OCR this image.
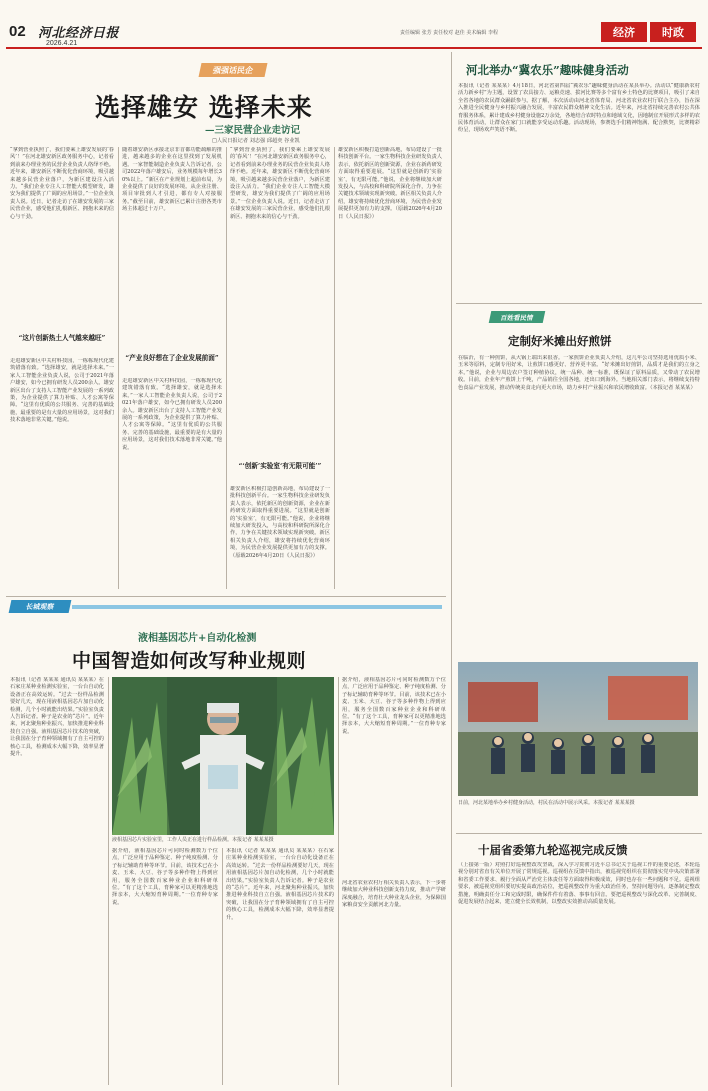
02 河北经济日报
2026.4.21
责任编辑 张芳 责任校对 赵佳 美术编辑 李程	经济 时政
强强话民企
选择雄安 选择未来
—三家民营企业走访记
□人民日报记者 刘志强 邱超奕 谷业凯
“拿到营业执照了，我们要乘上雄安发展的‘春风’！”在河北雄安新区政务服务中心，记者看到前来办理业务的民营企业负责人络绎不绝。近年来，雄安新区不断优化营商环境，吸引越来越多民营企业落户，为新区建设注入活力。“我们企业专注人工智能大模型研发，雄安为我们提供了广阔的应用场景。”一位企业负责人说。近日，记者走访了在雄安发展的三家民营企业，感受他们扎根新区、拥抱未来的信心与干劲。
“这片创新热土人气越来越旺”
走进雄安新区中关村科技园，一栋栋现代化建筑错落有致。“选择雄安，就是选择未来。”一家人工智能企业负责人说，公司于2021年落户雄安，如今已拥有研发人员200余人。雄安新区出台了支持人工智能产业发展的一系列政策，为企业提供了算力补贴、人才公寓等保障。“这里有优质的公共服务、完善的基础设施，最重要的是有大量的应用场景，这对我们技术落地非常关键。”他说。
随着雄安新区承接北京非首都功能疏解的推进，越来越多的企业在这里找到了发展机遇。一家智能制造企业负责人告诉记者，公司2022年落户雄安后，业务规模每年增长30%以上。“新区在产业规划上超前布局，为企业提供了良好的发展环境。从企业注册、项目审批到人才引进，都有专人对接服务。”截至目前，雄安新区已累计注册各类市场主体超过十万户。
“产业良好想在了企业发展前面”
走进雄安新区中关村科技园，一栋栋现代化建筑错落有致。“选择雄安，就是选择未来。”一家人工智能企业负责人说，公司于2021年落户雄安，如今已拥有研发人员200余人。雄安新区出台了支持人工智能产业发展的一系列政策，为企业提供了算力补贴、人才公寓等保障。“这里有优质的公共服务、完善的基础设施，最重要的是有大量的应用场景，这对我们技术落地非常关键。”他说。
“拿到营业执照了，我们要乘上雄安发展的‘春风’！”在河北雄安新区政务服务中心，记者看到前来办理业务的民营企业负责人络绎不绝。近年来，雄安新区不断优化营商环境，吸引越来越多民营企业落户，为新区建设注入活力。“我们企业专注人工智能大模型研发，雄安为我们提供了广阔的应用场景。”一位企业负责人说。近日，记者走访了在雄安发展的三家民营企业，感受他们扎根新区、拥抱未来的信心与干劲。
“‘创新’实验室‘有无限可能’”
雄安新区积极打造创新高地，布局建设了一批科技创新平台。一家生物科技企业研发负责人表示，依托新区的创新资源，企业在新药研发方面取得重要进展。“这里就是创新的‘实验室’，有无限可能。”他说，企业将继续加大研发投入，与高校和科研院所深化合作，力争在关键技术领域实现新突破。新区相关负责人介绍，雄安将持续优化营商环境，为民营企业发展提供更加有力的支撑。（原载2026年4月20日《人民日报》）
雄安新区积极打造创新高地，布局建设了一批科技创新平台。一家生物科技企业研发负责人表示，依托新区的创新资源，企业在新药研发方面取得重要进展。“这里就是创新的‘实验室’，有无限可能。”他说，企业将继续加大研发投入，与高校和科研院所深化合作，力争在关键技术领域实现新突破。新区相关负责人介绍，雄安将持续优化营商环境，为民营企业发展提供更加有力的支撑。（原载2026年4月20日《人民日报》）
河北举办“冀农乐”趣味健身活动
本报讯（记者 某某某）4月18日，河北省第四届“冀农乐”趣味健身活动在某县举办。活动以“健康新农村 活力新乡村”为主题，设置了农具接力、运粮竞速、拔河比赛等多个富有乡土特色的比赛项目，吸引了来自全省各地的农民群众踊跃参与。据了解，本次活动由河北省体育局、河北省农业农村厅联合主办，旨在深入推进全民健身与乡村振兴融合发展，丰富农民群众精神文化生活。近年来，河北省持续完善农村公共体育服务体系，累计建成乡村健身设施2万余处，各地结合农时特点和地域文化，因地制宜开展形式多样的农民体育活动，让群众在家门口就能享受运动乐趣。活动现场，参赛选手们精神饱满、配合默契，比赛精彩纷呈，现场欢声笑语不断。
百姓看民情
定制好米摊出好煎饼
在临沂，有一种煎饼，从大锅上端出来很香。一家煎饼企业负责人介绍，这几年公司坚持选用优质小米、玉米等原料，定制专用好米，让煎饼口感更好、营养更丰富。“好米摊出好煎饼，品质才是我们的立身之本。”他说，企业与周边农户签订种植协议，统一品种、统一标准，既保证了原料品质，又带动了农民增收。目前，企业年产煎饼上千吨，产品销往全国各地，还出口到海外。当地相关部门表示，将继续支持特色食品产业发展，推动传统美食走向更大市场，助力乡村产业振兴和农民增收致富。（本报记者 某某某）
日前，河北某地举办乡村健身活动，村民在活动中展示风采。本报记者 某某某摄
十届省委第九轮巡视完成反馈
（上接第一版）对照打好巡视整改攻坚战，深入学习贯彻习近平总书记关于巡视工作的重要论述，本轮巡视分别对省直有关单位开展了常规巡视。巡视组在反馈中指出，被巡视党组织在贯彻落实党中央决策部署和省委工作要求、履行全面从严治党主体责任等方面取得积极成效，同时也存在一些问题和不足。巡视组要求，被巡视党组织要切实提高政治站位，把巡视整改作为重大政治任务，坚持问题导向，逐条制定整改措施，明确责任分工和完成时限，确保件件有着落、事事有回音。要把巡视整改与深化改革、完善制度、促进发展结合起来，建立健全长效机制，以整改实效推动高质量发展。
长城观察
液相基因芯片+自动化检测
中国智造如何改写种业规则
本报讯（记者 某某某 通讯员 某某某）在石家庄某种业检测实验室，一台台自动化设备正在高效运转。“过去一份样品检测要好几天，现在用液相基因芯片加自动化检测，几个小时就能出结果。”实验室负责人告诉记者。种子是农业的“芯片”。近年来，河北聚焦种业振兴，加快推进种业科技自立自强。液相基因芯片技术的突破，让我国在分子育种领域拥有了自主可控的核心工具，检测成本大幅下降，效率显著提升。
液相基因芯片实验室里，工作人员正在进行样品检测。本报记者 某某某摄
据介绍，液相基因芯片可同时检测数万个位点，广泛应用于品种鉴定、种子纯度检测、分子标记辅助育种等环节。目前，该技术已在小麦、玉米、大豆、谷子等多种作物上得到应用，服务全国数百家种业企业和科研单位。“有了这个工具，育种家可以更精准地选择亲本，大大缩短育种周期。”一位育种专家说。
本报讯（记者 某某某 通讯员 某某某）在石家庄某种业检测实验室，一台台自动化设备正在高效运转。“过去一份样品检测要好几天，现在用液相基因芯片加自动化检测，几个小时就能出结果。”实验室负责人告诉记者。种子是农业的“芯片”。近年来，河北聚焦种业振兴，加快推进种业科技自立自强。液相基因芯片技术的突破，让我国在分子育种领域拥有了自主可控的核心工具，检测成本大幅下降，效率显著提升。
据介绍，液相基因芯片可同时检测数万个位点，广泛应用于品种鉴定、种子纯度检测、分子标记辅助育种等环节。目前，该技术已在小麦、玉米、大豆、谷子等多种作物上得到应用，服务全国数百家种业企业和科研单位。“有了这个工具，育种家可以更精准地选择亲本，大大缩短育种周期。”一位育种专家说。
河北省农业农村厅相关负责人表示，下一步将继续加大种业科技创新支持力度，推动产学研深度融合，培育壮大种业龙头企业，为保障国家粮食安全贡献河北力量。
